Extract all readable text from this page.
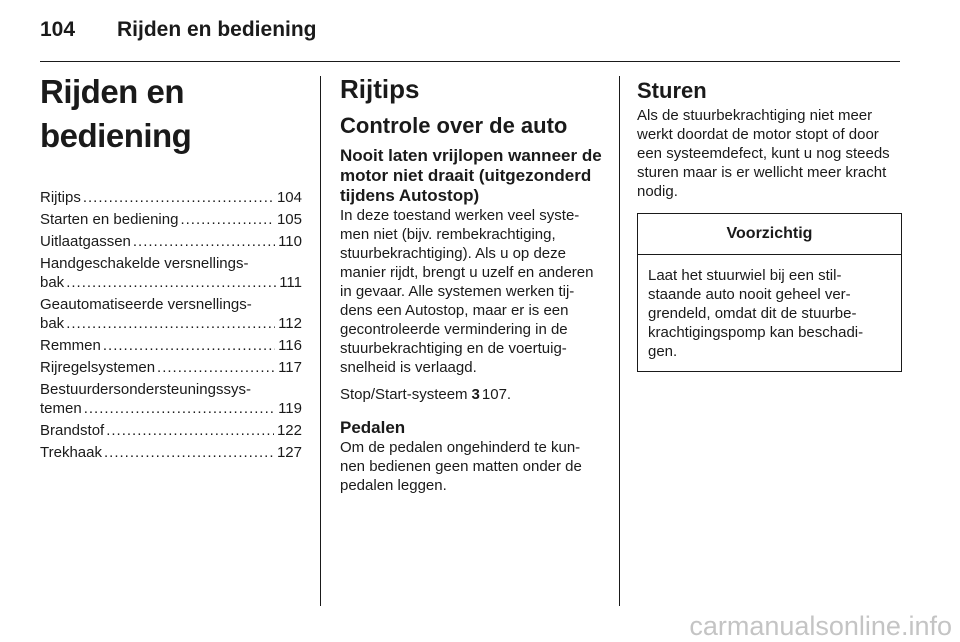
104 Rijden en bediening
Rijden en bediening
Rijtips .....	104
Starten en bediening .....	105
Uitlaatgassen .....	110
Handgeschakelde versnellings-
bak .....	111
Geautomatiseerde versnellings-
bak .....	112
Remmen .....	116
Rijregelsystemen .....	117
Bestuurdersondersteuningssys-
temen .....	119
Brandstof .....	122
Trekhaak .....	127
Rijtips
Controle over de auto
Nooit laten vrijlopen wanneer de motor niet draait (uitgezonderd tijdens Autostop)
In deze toestand werken veel syste-men niet (bijv. rembekrachtiging, stuurbekrachtiging). Als u op deze manier rijdt, brengt u uzelf en anderen in gevaar. Alle systemen werken tij-dens een Autostop, maar er is een gecontroleerde vermindering in de stuurbekrachtiging en de voertuig-snelheid is verlaagd.
Stop/Start-systeem 3 107.
Pedalen
Om de pedalen ongehinderd te kun-nen bedienen geen matten onder de pedalen leggen.
Sturen
Als de stuurbekrachtiging niet meer werkt doordat de motor stopt of door een systeemdefect, kunt u nog steeds sturen maar is er wellicht meer kracht nodig.
Voorzichtig
Laat het stuurwiel bij een stil-staande auto nooit geheel ver-grendeld, omdat dit de stuurbe-krachtigingspomp kan beschadi-gen.
carmanualsonline.info
